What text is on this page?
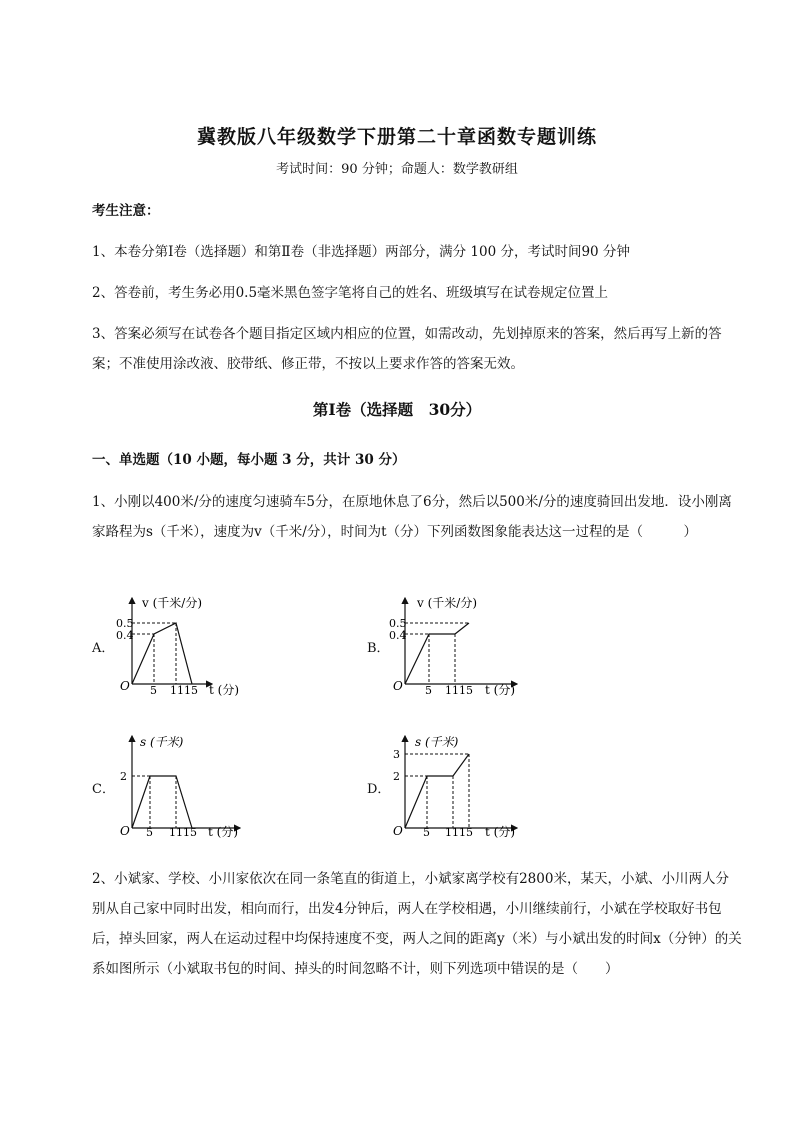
冀教版八年级数学下册第二十章函数专题训练
考试时间：90 分钟；命题人：数学教研组
考生注意：
1、本卷分第Ⅰ卷（选择题）和第Ⅱ卷（非选择题）两部分，满分 100 分，考试时间90 分钟
2、答卷前，考生务必用0.5毫米黑色签字笔将自己的姓名、班级填写在试卷规定位置上
3、答案必须写在试卷各个题目指定区域内相应的位置，如需改动，先划掉原来的答案，然后再写上新的答案；不准使用涂改液、胶带纸、修正带，不按以上要求作答的答案无效。
第Ⅰ卷（选择题　30分）
一、单选题（10 小题，每小题 3 分，共计 30 分）
1、小刚以400米/分的速度匀速骑车5分，在原地休息了6分，然后以500米/分的速度骑回出发地．设小刚离家路程为s（千米），速度为v（千米/分），时间为t（分）下列函数图象能表达这一过程的是（　　　）
A．
v (千米/分)
0.5
0.4
O 5 1115 t (分)
B．
v (千米/分)
0.5
0.4
O 5 1115 t (分)
C．
s (千米)
2
O 5 1115 t (分)
D．
s (千米)
3
2
O 5 1115 t (分)
2、小斌家、学校、小川家依次在同一条笔直的街道上，小斌家离学校有2800米，某天，小斌、小川两人分别从自己家中同时出发，相向而行，出发4分钟后，两人在学校相遇，小川继续前行，小斌在学校取好书包后，掉头回家，两人在运动过程中均保持速度不变，两人之间的距离y（米）与小斌出发的时间x（分钟）的关系如图所示（小斌取书包的时间、掉头的时间忽略不计，则下列选项中错误的是（　　）
